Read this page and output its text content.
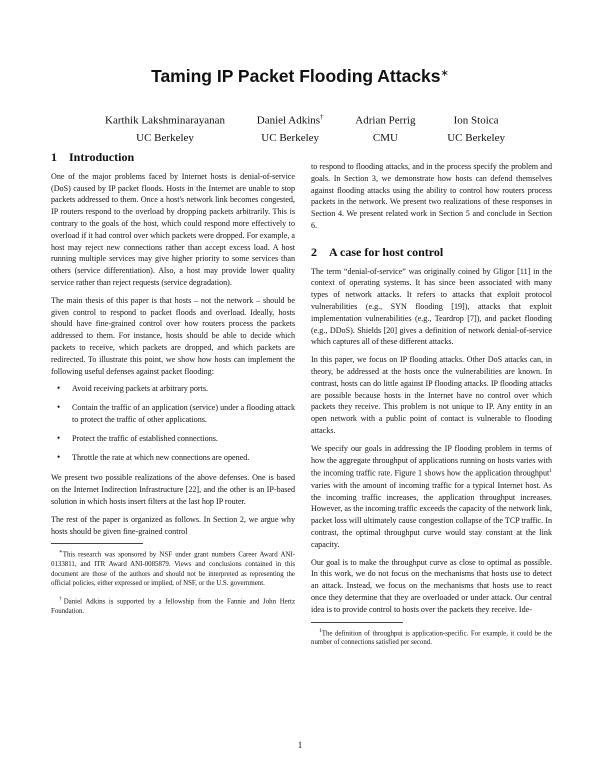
Taming IP Packet Flooding Attacks∗
Karthik Lakshminarayanan
UC Berkeley
Daniel Adkins†
UC Berkeley
Adrian Perrig
CMU
Ion Stoica
UC Berkeley
1 Introduction

One of the major problems faced by Internet hosts is denial-of-service (DoS) caused by IP packet floods. Hosts in the Internet are unable to stop packets addressed to them. Once a host's network link becomes congested, IP routers respond to the overload by dropping packets arbitrarily. This is contrary to the goals of the host, which could respond more effectively to overload if it had control over which packets were dropped. For example, a host may reject new connections rather than accept excess load. A host running multiple services may give higher priority to some services than others (service differentiation). Also, a host may provide lower quality service rather than reject requests (service degradation).

The main thesis of this paper is that hosts – not the network – should be given control to respond to packet floods and overload. Ideally, hosts should have fine-grained control over how routers process the packets addressed to them. For instance, hosts should be able to decide which packets to receive, which packets are dropped, and which packets are redirected. To illustrate this point, we show how hosts can implement the following useful defenses against packet flooding:

• Avoid receiving packets at arbitrary ports.
• Contain the traffic of an application (service) under a flooding attack to protect the traffic of other applications.
• Protect the traffic of established connections.
• Throttle the rate at which new connections are opened.

We present two possible realizations of the above defenses. One is based on the Internet Indirection Infrastructure [22], and the other is an IP-based solution in which hosts insert filters at the last hop IP router.

The rest of the paper is organized as follows. In Section 2, we argue why hosts should be given fine-grained control

∗This research was sponsored by NSF under grant numbers Career Award ANI-0133811, and ITR Award ANI-0085879. Views and conclusions contained in this document are those of the authors and should not be interpreted as representing the official policies, either expressed or implied, of NSF, or the U.S. government.

†Daniel Adkins is supported by a fellowship from the Fannie and John Hertz Foundation.

to respond to flooding attacks, and in the process specify the problem and goals. In Section 3, we demonstrate how hosts can defend themselves against flooding attacks using the ability to control how routers process packets in the network. We present two realizations of these responses in Section 4. We present related work in Section 5 and conclude in Section 6.

2 A case for host control

The term “denial-of-service” was originally coined by Gligor [11] in the context of operating systems. It has since been associated with many types of network attacks. It refers to attacks that exploit protocol vulnerabilities (e.g., SYN flooding [19]), attacks that exploit implementation vulnerabilities (e.g., Teardrop [7]), and packet flooding (e.g., DDoS). Shields [20] gives a definition of network denial-of-service which captures all of these different attacks.

In this paper, we focus on IP flooding attacks. Other DoS attacks can, in theory, be addressed at the hosts once the vulnerabilities are known. In contrast, hosts can do little against IP flooding attacks. IP flooding attacks are possible because hosts in the Internet have no control over which packets they receive. This problem is not unique to IP. Any entity in an open network with a public point of contact is vulnerable to flooding attacks.

We specify our goals in addressing the IP flooding problem in terms of how the aggregate throughput of applications running on hosts varies with the incoming traffic rate. Figure 1 shows how the application throughput$^1$ varies with the amount of incoming traffic for a typical Internet host. As the incoming traffic increases, the application throughput increases. However, as the incoming traffic exceeds the capacity of the network link, packet loss will ultimately cause congestion collapse of the TCP traffic. In contrast, the optimal throughput curve would stay constant at the link capacity.

Our goal is to make the throughput curve as close to optimal as possible. In this work, we do not focus on the mechanisms that hosts use to detect an attack. Instead, we focus on the mechanisms that hosts use to react once they determine that they are overloaded or under attack. Our central idea is to provide control to hosts over the packets they receive. Ide-

$^1$The definition of throughput is application-specific. For example, it could be the number of connections satisfied per second.

1
